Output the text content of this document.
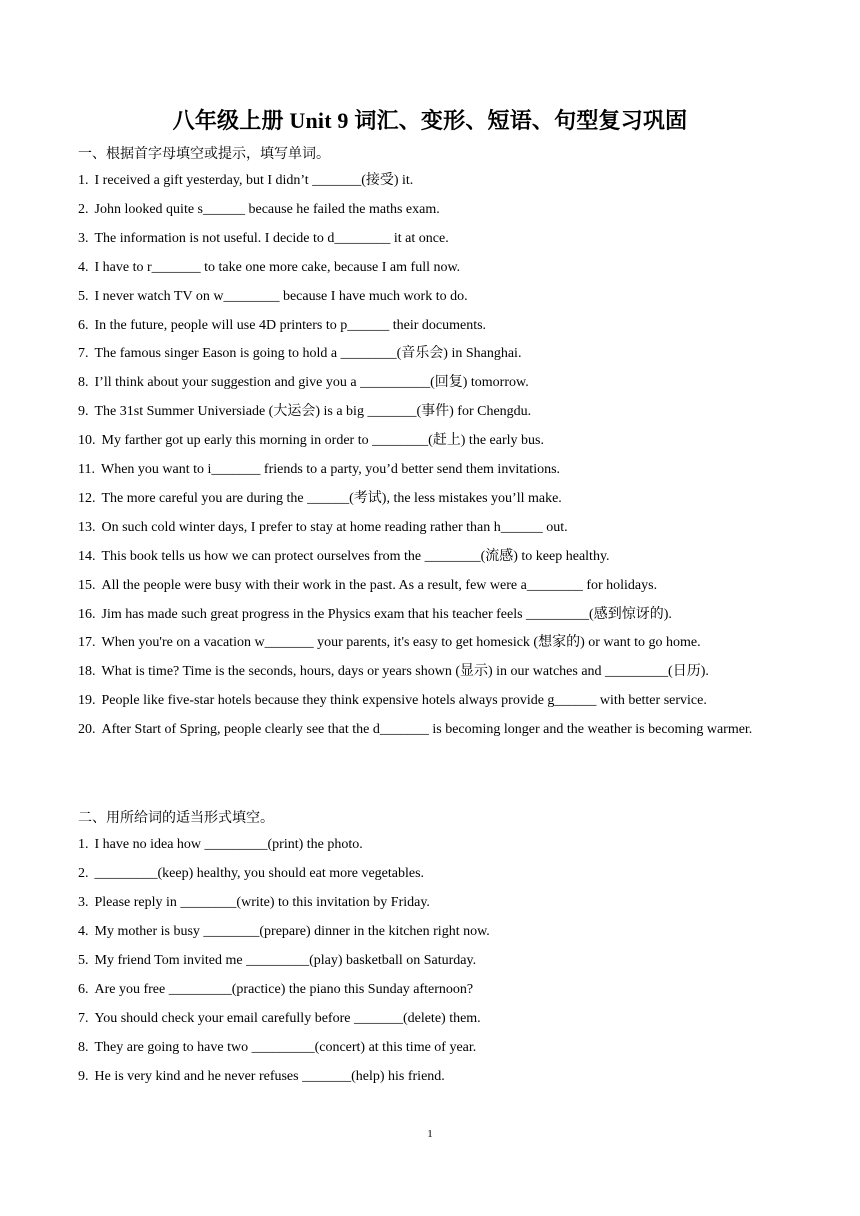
八年级上册 Unit 9 词汇、变形、短语、句型复习巩固
一、根据首字母填空或提示，填写单词。
1. I received a gift yesterday, but I didn’t _______(接受) it.
2. John looked quite s______ because he failed the maths exam.
3. The information is not useful. I decide to d________ it at once.
4. I have to r_______ to take one more cake, because I am full now.
5. I never watch TV on w________ because I have much work to do.
6. In the future, people will use 4D printers to p______ their documents.
7. The famous singer Eason is going to hold a ________(音乐会) in Shanghai.
8. I’ll think about your suggestion and give you a __________(回复) tomorrow.
9. The 31st Summer Universiade (大运会) is a big _______(事件) for Chengdu.
10. My farther got up early this morning in order to ________(赶上) the early bus.
11. When you want to i_______ friends to a party, you’d better send them invitations.
12. The more careful you are during the ______(考试), the less mistakes you’ll make.
13. On such cold winter days, I prefer to stay at home reading rather than h______ out.
14. This book tells us how we can protect ourselves from the ________(流感) to keep healthy.
15. All the people were busy with their work in the past. As a result, few were a________ for holidays.
16. Jim has made such great progress in the Physics exam that his teacher feels _________(感到惊讶的).
17. When you're on a vacation w_______ your parents, it's easy to get homesick (想家的) or want to go home.
18. What is time? Time is the seconds, hours, days or years shown (显示) in our watches and _________(日历).
19. People like five-star hotels because they think expensive hotels always provide g______ with better service.
20. After Start of Spring, people clearly see that the d_______ is becoming longer and the weather is becoming warmer.
二、用所给词的适当形式填空。
1. I have no idea how _________(print) the photo.
2. _________(keep) healthy, you should eat more vegetables.
3. Please reply in ________(write) to this invitation by Friday.
4. My mother is busy ________(prepare) dinner in the kitchen right now.
5. My friend Tom invited me _________(play) basketball on Saturday.
6. Are you free _________(practice) the piano this Sunday afternoon?
7. You should check your email carefully before _______(delete) them.
8. They are going to have two _________(concert) at this time of year.
9. He is very kind and he never refuses _______(help) his friend.
1
